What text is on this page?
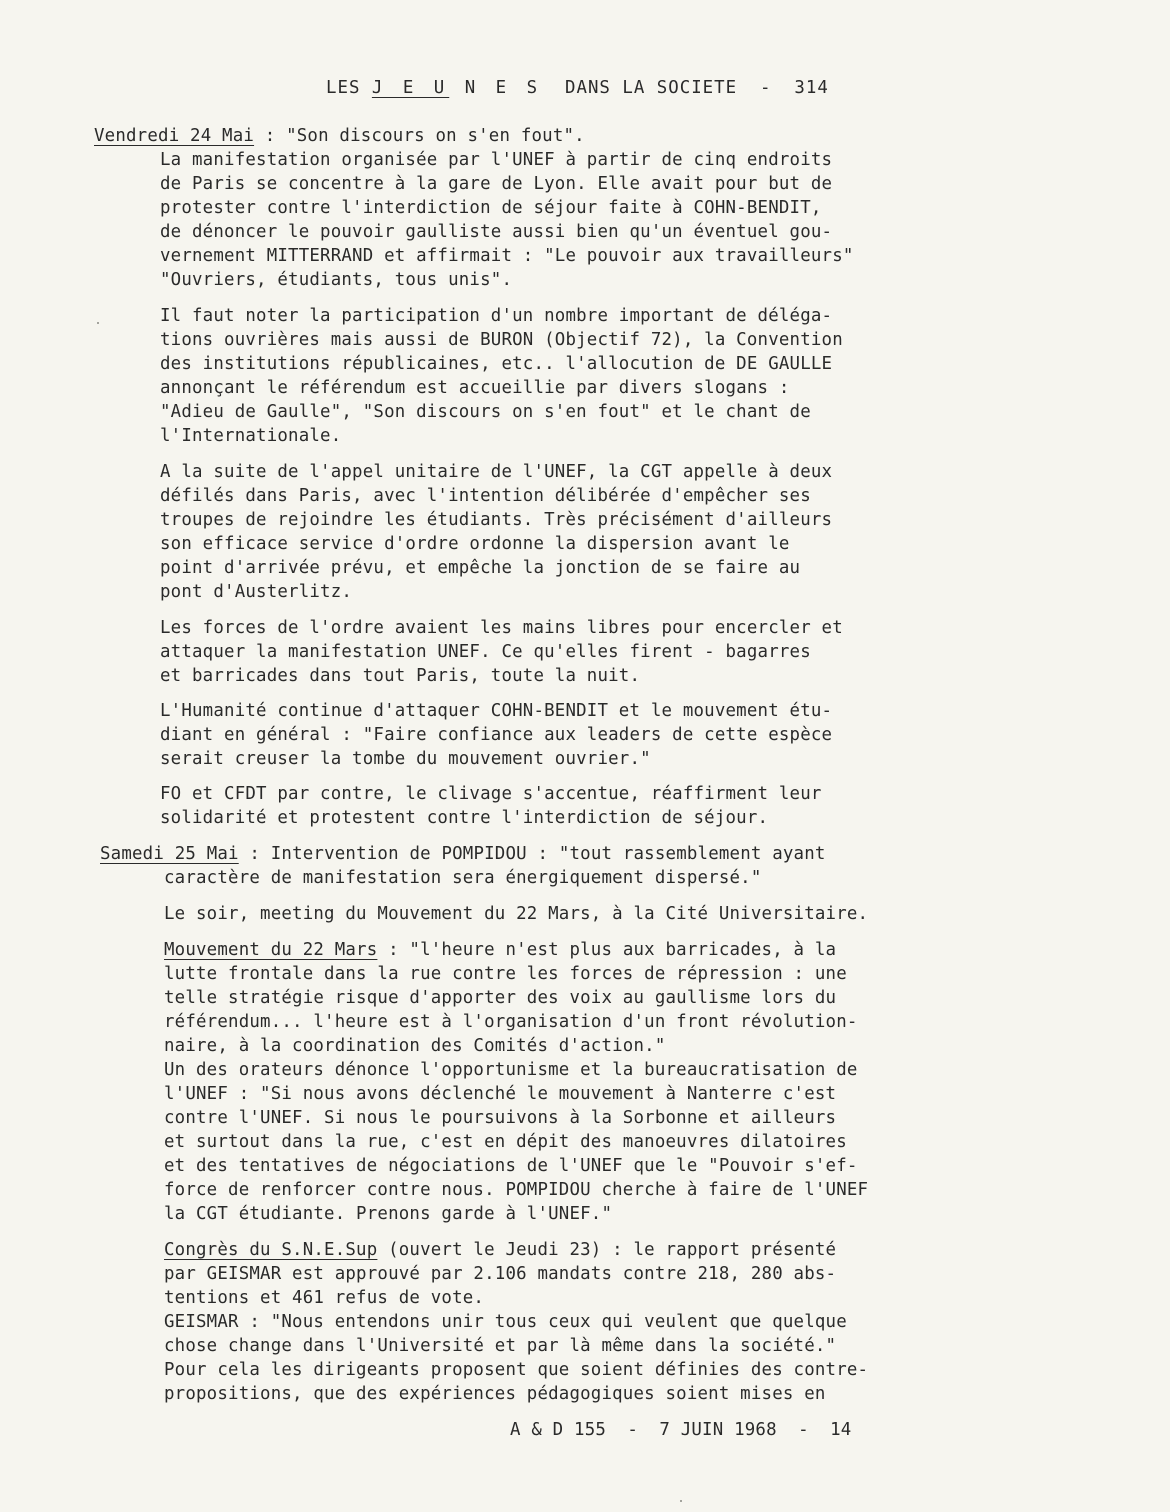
LES J E U N E S  DANS LA SOCIETE  -  314
Vendredi 24 Mai : "Son discours on s'en fout".
La manifestation organisée par l'UNEF à partir de cinq endroits
de Paris se concentre à la gare de Lyon. Elle avait pour but de
protester contre l'interdiction de séjour faite à COHN-BENDIT,
de dénoncer le pouvoir gaulliste aussi bien qu'un éventuel gou-
vernement MITTERRAND et affirmait : "Le pouvoir aux travailleurs"
"Ouvriers, étudiants, tous unis".
Il faut noter la participation d'un nombre important de déléga-
tions ouvrières mais aussi de BURON (Objectif 72), la Convention
des institutions républicaines, etc.. l'allocution de DE GAULLE
annonçant le référendum est accueillie par divers slogans :
"Adieu de Gaulle", "Son discours on s'en fout" et le chant de
l'Internationale.
A la suite de l'appel unitaire de l'UNEF, la CGT appelle à deux
défilés dans Paris, avec l'intention délibérée d'empêcher ses
troupes de rejoindre les étudiants. Très précisément d'ailleurs
son efficace service d'ordre ordonne la dispersion avant le
point d'arrivée prévu, et empêche la jonction de se faire au
pont d'Austerlitz.
Les forces de l'ordre avaient les mains libres pour encercler et
attaquer la manifestation UNEF. Ce qu'elles firent - bagarres
et barricades dans tout Paris, toute la nuit.
L'Humanité continue d'attaquer COHN-BENDIT et le mouvement étu-
diant en général : "Faire confiance aux leaders de cette espèce
serait creuser la tombe du mouvement ouvrier."
FO et CFDT par contre, le clivage s'accentue, réaffirment leur
solidarité et protestent contre l'interdiction de séjour.
Samedi 25 Mai : Intervention de POMPIDOU : "tout rassemblement ayant
caractère de manifestation sera énergiquement dispersé."
Le soir, meeting du Mouvement du 22 Mars, à la Cité Universitaire.
Mouvement du 22 Mars : "l'heure n'est plus aux barricades, à la
lutte frontale dans la rue contre les forces de répression : une
telle stratégie risque d'apporter des voix au gaullisme lors du
référendum... l'heure est à l'organisation d'un front révolution-
naire, à la coordination des Comités d'action."
Un des orateurs dénonce l'opportunisme et la bureaucratisation de
l'UNEF : "Si nous avons déclenché le mouvement à Nanterre c'est
contre l'UNEF. Si nous le poursuivons à la Sorbonne et ailleurs
et surtout dans la rue, c'est en dépit des manoeuvres dilatoires
et des tentatives de négociations de l'UNEF que le "Pouvoir s'ef-
force de renforcer contre nous. POMPIDOU cherche à faire de l'UNEF
la CGT étudiante. Prenons garde à l'UNEF."
Congrès du S.N.E.Sup (ouvert le Jeudi 23) : le rapport présenté
par GEISMAR est approuvé par 2.106 mandats contre 218, 280 abs-
tentions et 461 refus de vote.
GEISMAR : "Nous entendons unir tous ceux qui veulent que quelque
chose change dans l'Université et par là même dans la société."
Pour cela les dirigeants proposent que soient définies des contre-
propositions, que des expériences pédagogiques soient mises en
A & D 155  -  7 JUIN 1968  -  14
